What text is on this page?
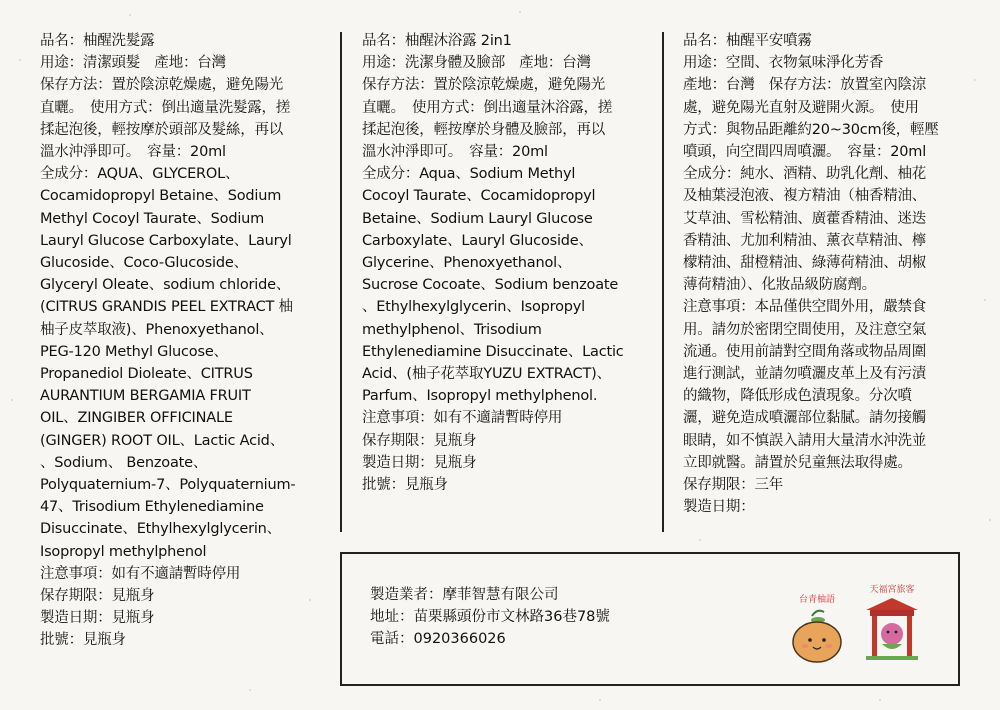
品名：柚醒洗髮露
用途：清潔頭髮　產地：台灣
保存方法：置於陰涼乾燥處，避免陽光
直曬。　使用方式：倒出適量洗髮露，搓
揉起泡後，輕按摩於頭部及髮絲，再以
溫水沖淨即可。　容量：20ml
全成分：AQUA、GLYCEROL、
Cocamidopropyl Betaine、Sodium
Methyl Cocoyl Taurate、Sodium
Lauryl Glucose Carboxylate、Lauryl
Glucoside、Coco-Glucoside、
Glyceryl Oleate、sodium chloride、
(CITRUS GRANDIS PEEL EXTRACT 柚
柚子皮萃取液)、Phenoxyethanol、
PEG-120 Methyl Glucose、
Propanediol Dioleate、CITRUS
AURANTIUM BERGAMIA FRUIT
OIL、ZINGIBER OFFICINALE
(GINGER) ROOT OIL、Lactic Acid、
、Sodium、 Benzoate、
Polyquaternium-7、Polyquaternium-
47、Trisodium Ethylenediamine
Disuccinate、Ethylhexylglycerin、
Isopropyl methylphenol
注意事項：如有不適請暫時停用
保存期限：見瓶身
製造日期：見瓶身
批號：見瓶身
品名：柚醒沐浴露 2in1
用途：洗潔身體及臉部　產地：台灣
保存方法：置於陰涼乾燥處，避免陽光
直曬。　使用方式：倒出適量沐浴露，搓
揉起泡後，輕按摩於身體及臉部，再以
溫水沖淨即可。　容量：20ml
全成分：Aqua、Sodium Methyl
Cocoyl Taurate、Cocamidopropyl
Betaine、Sodium Lauryl Glucose
Carboxylate、Lauryl Glucoside、
Glycerine、Phenoxyethanol、
Sucrose Cocoate、Sodium benzoate
、Ethylhexylglycerin、Isopropyl
methylphenol、Trisodium
Ethylenediamine Disuccinate、Lactic
Acid、(柚子花萃取YUZU EXTRACT)、
Parfum、Isopropyl methylphenol.
注意事項：如有不適請暫時停用
保存期限：見瓶身
製造日期：見瓶身
批號：見瓶身
品名：柚醒平安噴霧
用途：空間、衣物氣味淨化芳香
產地：台灣　保存方法：放置室內陰涼
處，避免陽光直射及避開火源。　使用
方式：與物品距離約20~30cm後，輕壓
噴頭，向空間四周噴灑。　容量：20ml
全成分：純水、酒精、助乳化劑、柚花
及柚葉浸泡液、複方精油（柚香精油、
艾草油、雪松精油、廣藿香精油、迷迭
香精油、尤加利精油、薰衣草精油、檸
檬精油、甜橙精油、綠薄荷精油、胡椒
薄荷精油）、化妝品級防腐劑。
注意事項：本品僅供空間外用，嚴禁食
用。請勿於密閉空間使用，及注意空氣
流通。使用前請對空間角落或物品周圍
進行測試，並請勿噴灑皮革上及有污漬
的織物，降低形成色漬現象。分次噴
灑，避免造成噴灑部位黏膩。請勿接觸
眼睛，如不慎誤入請用大量清水沖洗並
立即就醫。請置於兒童無法取得處。
保存期限：三年
製造日期：
製造業者：摩菲智慧有限公司
地址：苗栗縣頭份市文林路36巷78號
電話：0920366026
台青柚語
天福宮旅客
